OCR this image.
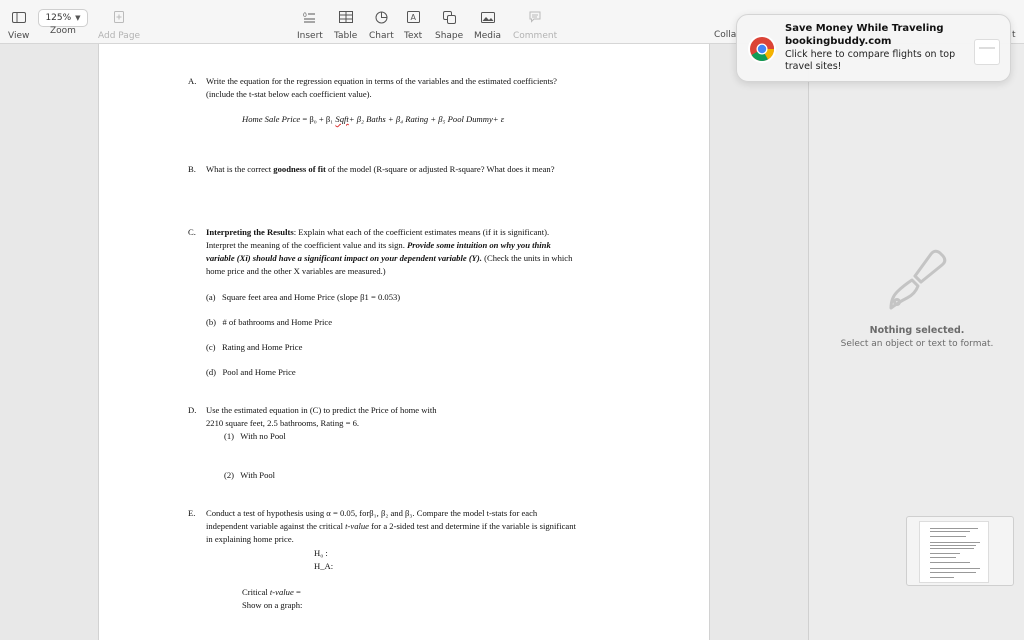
View
125% ▼
Zoom Add Page
0
Insert Table Chart
A
Text Shape Media Comment	Colla	t
A. Write the equation for the regression equation in terms of the variables and the estimated coefficients?
(include the t-stat below each coefficient value).
Home Sale Price = β₀ + β₁ Sqft+ β₂ Baths + β₄ Rating + β₅ Pool Dummy+ ε
B. What is the correct goodness of fit of the model (R-square or adjusted R-square? What does it mean?
C. Interpreting the Results: Explain what each of the coefficient estimates means (if it is significant).
Interpret the meaning of the coefficient value and its sign. Provide some intuition on why you think
variable (Xi) should have a significant impact on your dependent variable (Y). (Check the units in which
home price and the other X variables are measured.)
(a)   Square feet area and Home Price (slope β1 = 0.053)
(b)   # of bathrooms and Home Price
(c)   Rating and Home Price
(d)   Pool and Home Price
D. Use the estimated equation in (C) to predict the Price of home with
2210 square feet, 2.5 bathrooms, Rating = 6.
(1)   With no Pool
(2)   With Pool
E. Conduct a test of hypothesis using α = 0.05, forβ₁, β₂ and β₃. Compare the model t-stats for each
independent variable against the critical t-value for a 2-sided test and determine if the variable is significant
in explaining home price.
H₀ :
H_A:
Critical t-value =
Show on a graph:
Nothing selected.
Select an object or text to format.
Save Money While Traveling
bookingbuddy.com
Click here to compare flights on top travel sites!
